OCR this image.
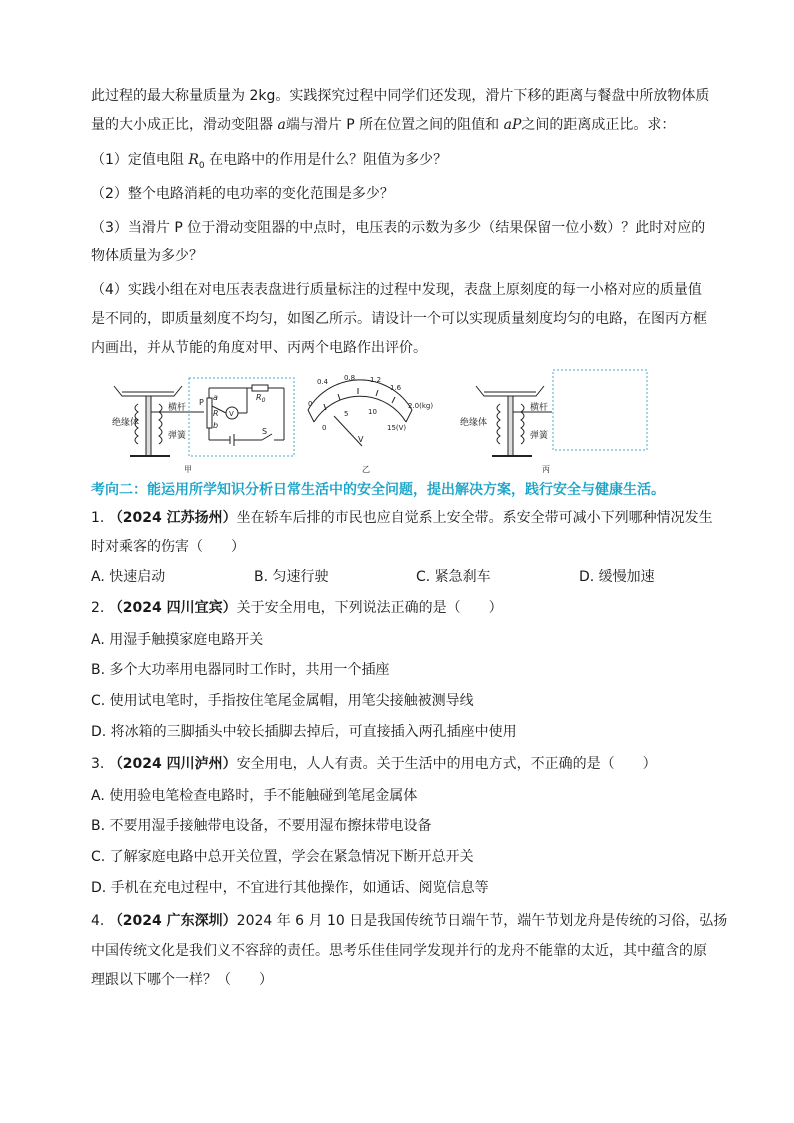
此过程的最大称量质量为 2kg。实践探究过程中同学们还发现，滑片下移的距离与餐盘中所放物体质
量的大小成正比，滑动变阻器 a端与滑片 P 所在位置之间的阻值和 aP之间的距离成正比。求：
（1）定值电阻 $R_0$ 在电路中的作用是什么？阻值为多少？
（2）整个电路消耗的电功率的变化范围是多少？
（3）当滑片 P 位于滑动变阻器的中点时，电压表的示数为多少（结果保留一位小数）？此时对应的
物体质量为多少？
（4）实践小组在对电压表表盘进行质量标注的过程中发现，表盘上原刻度的每一小格对应的质量值
是不同的，即质量刻度不均匀，如图乙所示。请设计一个可以实现质量刻度均匀的电路，在图丙方框
内画出，并从节能的角度对甲、丙两个电路作出评价。
绝缘体
横杆
弹簧
P
a
R
b
V
$R_0$
S
甲
0
0.4 0.8 1.2
1.6
2.0(kg)
0
5	10
15(V)
V
乙
绝缘体
横杆
弹簧
丙
考向二：能运用所学知识分析日常生活中的安全问题，提出解决方案，践行安全与健康生活。
1. （2024 江苏扬州）坐在轿车后排的市民也应自觉系上安全带。系安全带可减小下列哪种情况发生
时对乘客的伤害（　　）
A. 快速启动	B. 匀速行驶	C. 紧急刹车	D. 缓慢加速
2. （2024 四川宜宾）关于安全用电，下列说法正确的是（　　）
A. 用湿手触摸家庭电路开关
B. 多个大功率用电器同时工作时，共用一个插座
C. 使用试电笔时，手指按住笔尾金属帽，用笔尖接触被测导线
D. 将冰箱的三脚插头中较长插脚去掉后，可直接插入两孔插座中使用
3. （2024 四川泸州）安全用电，人人有责。关于生活中的用电方式，不正确的是（　　）
A. 使用验电笔检查电路时，手不能触碰到笔尾金属体
B. 不要用湿手接触带电设备，不要用湿布擦抹带电设备
C. 了解家庭电路中总开关位置，学会在紧急情况下断开总开关
D. 手机在充电过程中，不宜进行其他操作，如通话、阅览信息等
4. （2024 广东深圳）2024 年 6 月 10 日是我国传统节日端午节，端午节划龙舟是传统的习俗，弘扬
中国传统文化是我们义不容辞的责任。思考乐佳佳同学发现并行的龙舟不能靠的太近，其中蕴含的原
理跟以下哪个一样？（　　）
